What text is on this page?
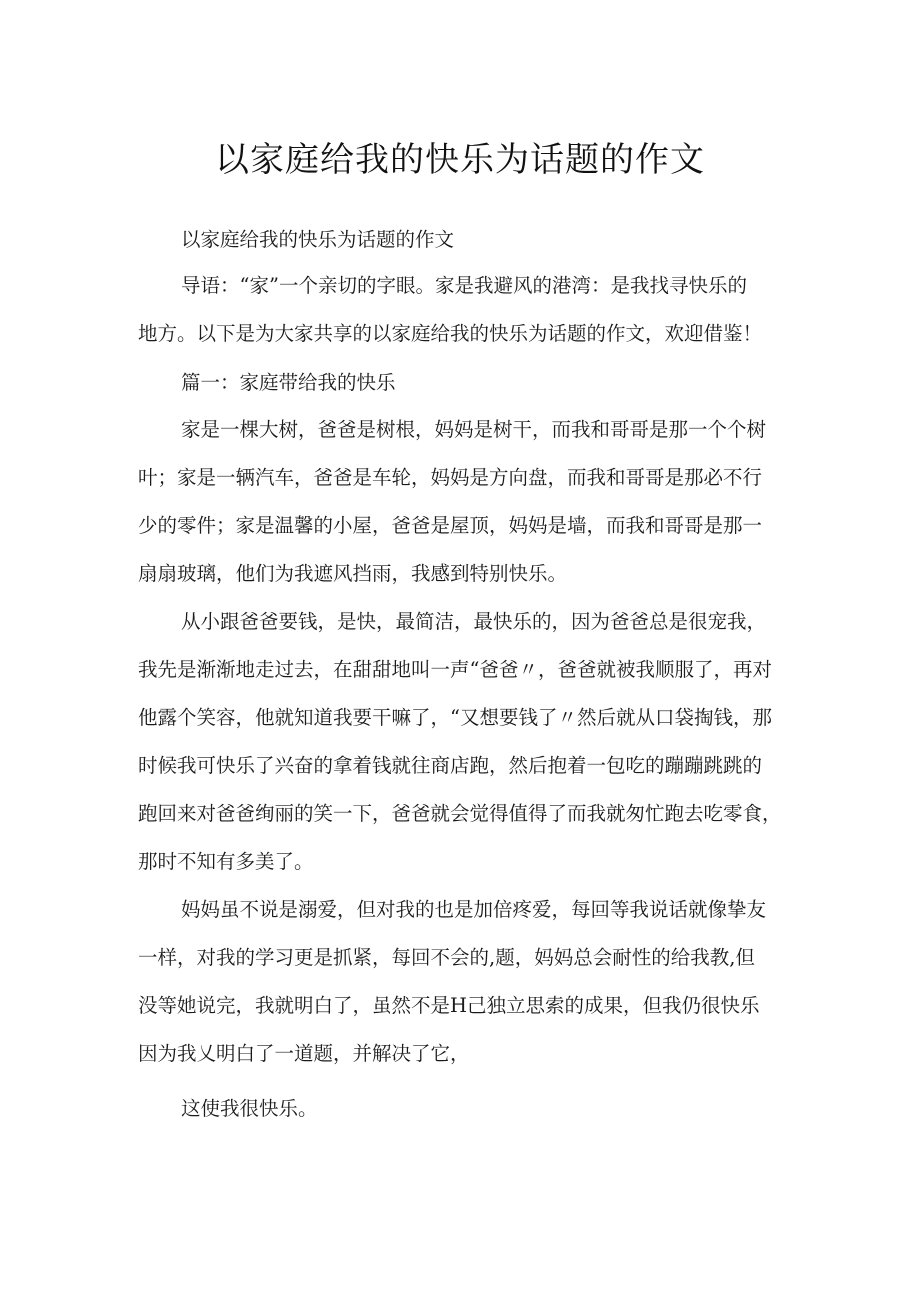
以家庭给我的快乐为话题的作文
以家庭给我的快乐为话题的作文
导语：“家”一个亲切的字眼。家是我避风的港湾：是我找寻快乐的
地方。以下是为大家共享的以家庭给我的快乐为话题的作文，欢迎借鉴！
篇一：家庭带给我的快乐
家是一棵大树，爸爸是树根，妈妈是树干，而我和哥哥是那一个个树
叶；家是一辆汽车，爸爸是车轮，妈妈是方向盘，而我和哥哥是那必不行
少的零件；家是温馨的小屋，爸爸是屋顶，妈妈是墙，而我和哥哥是那一
扇扇玻璃，他们为我遮风挡雨，我感到特别快乐。
从小跟爸爸要钱，是快，最简洁，最快乐的，因为爸爸总是很宠我，
我先是渐渐地走过去，在甜甜地叫一声“爸爸〃，爸爸就被我顺服了，再对
他露个笑容，他就知道我要干嘛了，“又想要钱了〃然后就从口袋掏钱，那
时候我可快乐了兴奋的拿着钱就往商店跑，然后抱着一包吃的蹦蹦跳跳的
跑回来对爸爸绚丽的笑一下，爸爸就会觉得值得了而我就匆忙跑去吃零食，
那时不知有多美了。
妈妈虽不说是溺爱，但对我的也是加倍疼爱，每回等我说话就像挚友
一样，对我的学习更是抓紧，每回不会的,题，妈妈总会耐性的给我教,但
没等她说完，我就明白了，虽然不是H己独立思索的成果，但我仍很快乐
因为我乂明白了一道题，并解决了它，
这使我很快乐。
